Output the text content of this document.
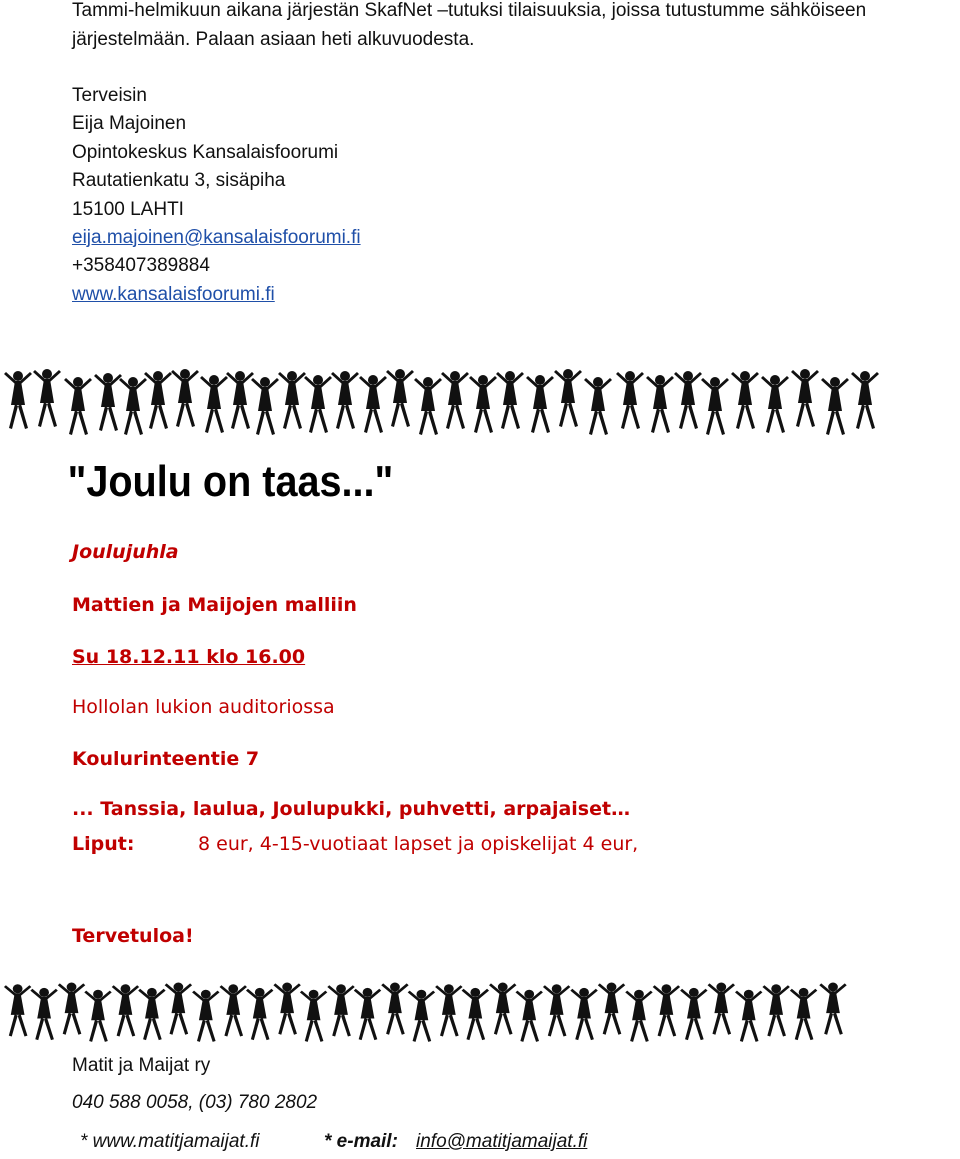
Tammi-helmikuun aikana järjestän SkafNet –tutuksi tilaisuuksia, joissa tutustumme sähköiseen
järjestelmään. Palaan asiaan heti alkuvuodesta.
Terveisin
Eija Majoinen
Opintokeskus Kansalaisfoorumi
Rautatienkatu 3, sisäpiha
15100 LAHTI
eija.majoinen@kansalaisfoorumi.fi
+358407389884
www.kansalaisfoorumi.fi
"Joulu on taas..."
Joulujuhla
Mattien ja Maijojen malliin
Su 18.12.11 klo 16.00
Hollolan lukion auditoriossa
Koulurinteentie 7
... Tanssia, laulua, Joulupukki, puhvetti, arpajaiset…
Liput:	8 eur, 4-15-vuotiaat lapset ja opiskelijat 4 eur,
Tervetuloa!
Matit ja Maijat ry
040 588 0058, (03) 780 2802
* www.matitjamaijat.fi	* e-mail: info@matitjamaijat.fi
